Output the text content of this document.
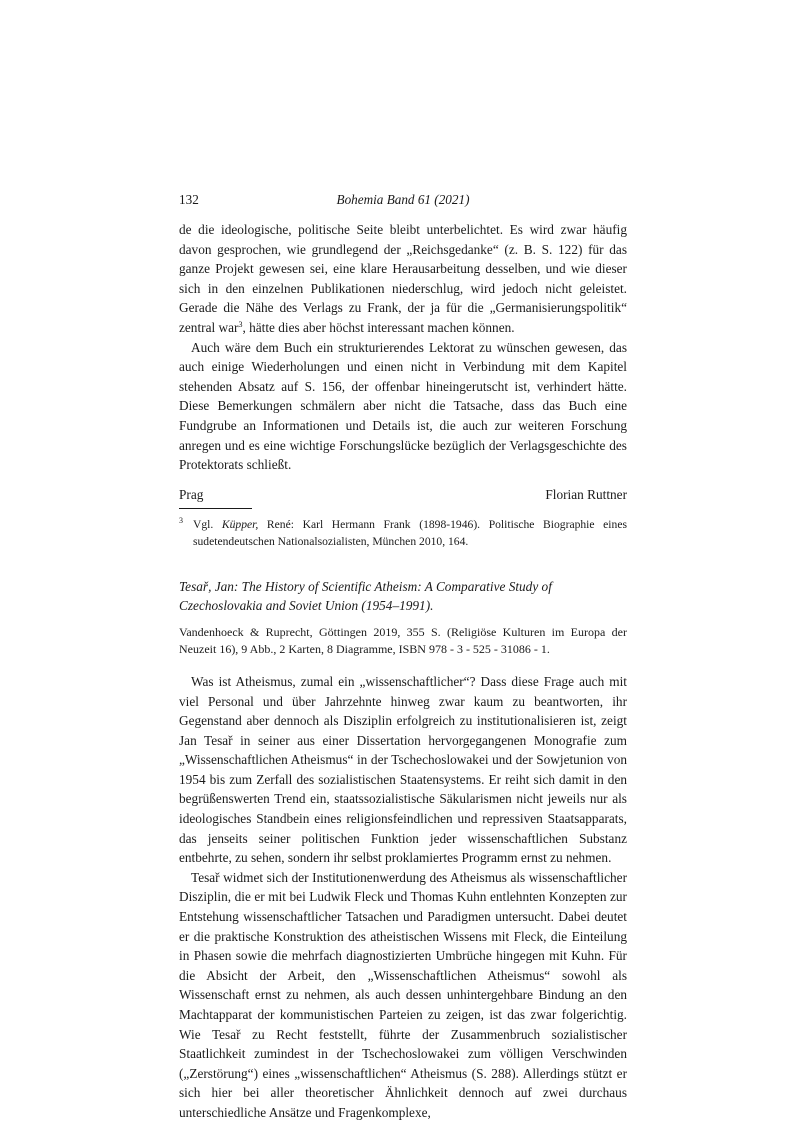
132	Bohemia Band 61 (2021)

de die ideologische, politische Seite bleibt unterbelichtet. Es wird zwar häufig davon gesprochen, wie grundlegend der „Reichsgedanke“ (z. B. S. 122) für das ganze Projekt gewesen sei, eine klare Herausarbeitung desselben, und wie dieser sich in den einzelnen Publikationen niederschlug, wird jedoch nicht geleistet. Gerade die Nähe des Verlags zu Frank, der ja für die „Germanisierungspolitik“ zentral war$^3$, hätte dies aber höchst interessant machen können.

Auch wäre dem Buch ein strukturierendes Lektorat zu wünschen gewesen, das auch einige Wiederholungen und einen nicht in Verbindung mit dem Kapitel stehenden Absatz auf S. 156, der offenbar hineingerutscht ist, verhindert hätte. Diese Bemerkungen schmälern aber nicht die Tatsache, dass das Buch eine Fundgrube an Informationen und Details ist, die auch zur weiteren Forschung anregen und es eine wichtige Forschungslücke bezüglich der Verlagsgeschichte des Protektorats schließt.

Prag	Florian Ruttner
3 Vgl. Küpper, René: Karl Hermann Frank (1898-1946). Politische Biographie eines sudetendeutschen Nationalsozialisten, München 2010, 164.
Tesař, Jan: The History of Scientific Atheism: A Comparative Study of Czechoslovakia and Soviet Union (1954–1991).
Vandenhoeck & Ruprecht, Göttingen 2019, 355 S. (Religiöse Kulturen im Europa der Neuzeit 16), 9 Abb., 2 Karten, 8 Diagramme, ISBN 978 - 3 - 525 - 31086 - 1.

Was ist Atheismus, zumal ein „wissenschaftlicher“? Dass diese Frage auch mit viel Personal und über Jahrzehnte hinweg zwar kaum zu beantworten, ihr Gegenstand aber dennoch als Disziplin erfolgreich zu institutionalisieren ist, zeigt Jan Tesař in seiner aus einer Dissertation hervorgegangenen Monografie zum „Wissenschaftlichen Atheismus“ in der Tschechoslowakei und der Sowjetunion von 1954 bis zum Zerfall des sozialistischen Staatensystems. Er reiht sich damit in den begrüßenswerten Trend ein, staatssozialistische Säkularismen nicht jeweils nur als ideologisches Standbein eines religionsfeindlichen und repressiven Staatsapparats, das jenseits seiner politischen Funktion jeder wissenschaftlichen Substanz entbehrte, zu sehen, sondern ihr selbst proklamiertes Programm ernst zu nehmen.

Tesař widmet sich der Institutionenwerdung des Atheismus als wissenschaftlicher Disziplin, die er mit bei Ludwik Fleck und Thomas Kuhn entlehnten Konzepten zur Entstehung wissenschaftlicher Tatsachen und Paradigmen untersucht. Dabei deutet er die praktische Konstruktion des atheistischen Wissens mit Fleck, die Einteilung in Phasen sowie die mehrfach diagnostizierten Umbrüche hingegen mit Kuhn. Für die Absicht der Arbeit, den „Wissenschaftlichen Atheismus“ sowohl als Wissenschaft ernst zu nehmen, als auch dessen unhintergehbare Bindung an den Machtapparat der kommunistischen Parteien zu zeigen, ist das zwar folgerichtig. Wie Tesař zu Recht feststellt, führte der Zusammenbruch sozialistischer Staatlichkeit zumindest in der Tschechoslowakei zum völligen Verschwinden („Zerstörung“) eines „wissenschaftlichen“ Atheismus (S. 288). Allerdings stützt er sich hier bei aller theoretischer Ähnlichkeit dennoch auf zwei durchaus unterschiedliche Ansätze und Fragenkomplexe,
